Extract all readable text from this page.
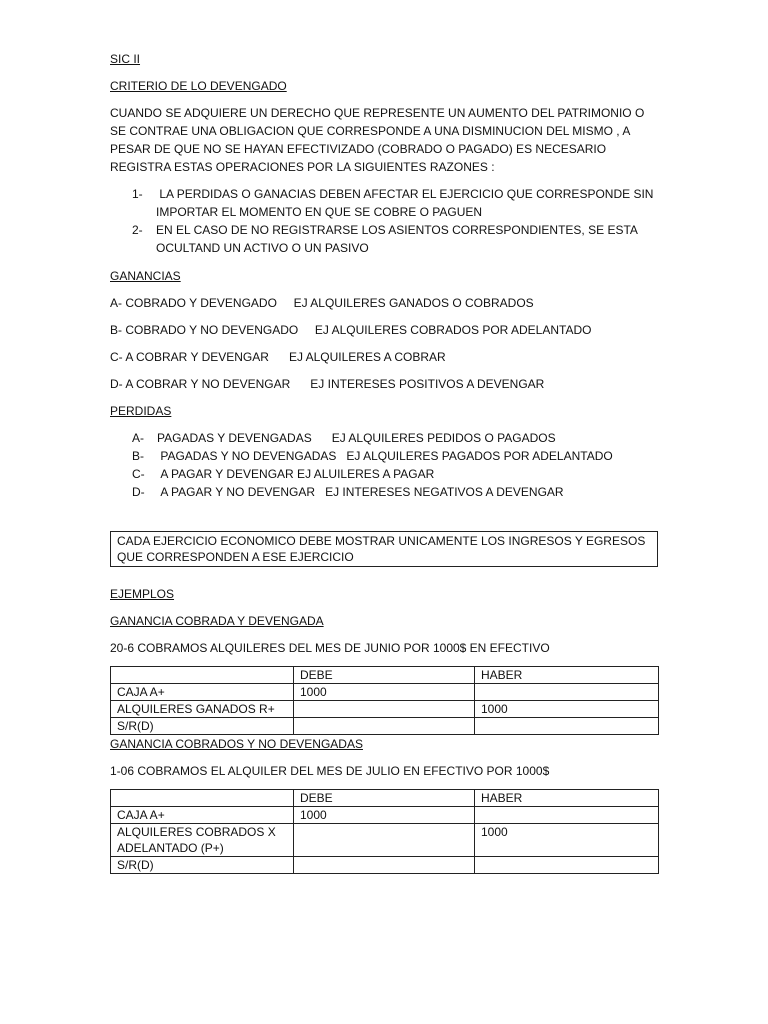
SIC II

CRITERIO DE LO DEVENGADO

CUANDO SE ADQUIERE UN DERECHO QUE REPRESENTE UN AUMENTO DEL PATRIMONIO O SE CONTRAE UNA OBLIGACION QUE CORRESPONDE A UNA DISMINUCION DEL MISMO , A PESAR DE QUE NO SE HAYAN EFECTIVIZADO (COBRADO O PAGADO) ES NECESARIO REGISTRA ESTAS OPERACIONES POR LA SIGUIENTES RAZONES :

1- LA PERDIDAS O GANACIAS DEBEN AFECTAR EL EJERCICIO QUE CORRESPONDE SIN IMPORTAR EL MOMENTO EN QUE SE COBRE O PAGUEN
2- EN EL CASO DE NO REGISTRARSE LOS ASIENTOS CORRESPONDIENTES, SE ESTA OCULTAND UN ACTIVO O UN PASIVO

GANANCIAS

A- COBRADO Y DEVENGADO     EJ ALQUILERES GANADOS O COBRADOS

B- COBRADO Y NO DEVENGADO     EJ ALQUILERES COBRADOS POR ADELANTADO

C- A COBRAR Y DEVENGAR      EJ ALQUILERES A COBRAR

D- A COBRAR Y NO DEVENGAR      EJ INTERESES POSITIVOS A DEVENGAR

PERDIDAS

A- PAGADAS Y DEVENGADAS      EJ ALQUILERES PEDIDOS O PAGADOS
B- PAGADAS Y NO DEVENGADAS   EJ ALQUILERES PAGADOS POR ADELANTADO
C- A PAGAR Y DEVENGAR EJ ALUILERES A PAGAR
D- A PAGAR Y NO DEVENGAR   EJ INTERESES NEGATIVOS A DEVENGAR
CADA EJERCICIO ECONOMICO DEBE MOSTRAR UNICAMENTE LOS INGRESOS Y EGRESOS QUE CORRESPONDEN A ESE EJERCICIO

EJEMPLOS

GANANCIA COBRADA Y DEVENGADA

20-6 COBRAMOS ALQUILERES DEL MES DE JUNIO POR 1000$ EN EFECTIVO

	DEBE	HABER
CAJA A+	1000	
ALQUILERES GANADOS R+		1000
S/R(D)		

GANANCIA COBRADOS Y NO DEVENGADAS

1-06 COBRAMOS EL ALQUILER DEL MES DE JULIO EN EFECTIVO POR 1000$

	DEBE	HABER
CAJA A+	1000	
ALQUILERES COBRADOS X ADELANTADO (P+)		1000
S/R(D)		
